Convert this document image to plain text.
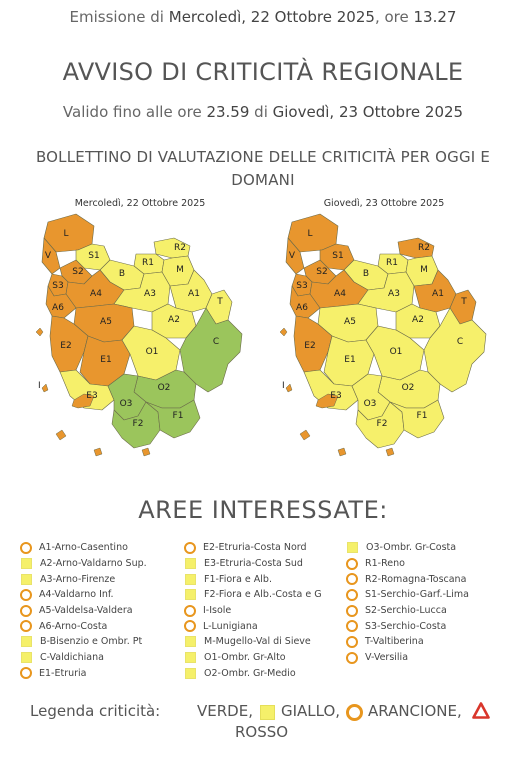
Emissione di Mercoledì, 22 Ottobre 2025, ore 13.27
AVVISO DI CRITICITÀ REGIONALE
Valido fino alle ore 23.59 di Giovedì, 23 Ottobre 2025
BOLLETTINO DI VALUTAZIONE DELLE CRITICITÀ PER OGGI E DOMANI
Mercoledì, 22 Ottobre 2025
L
V	S1
S2
S3
R2
R1
M
B
A4	A3	A1
T
A6
A5	A2
E2
E1
O1
C
E3
O2
O3
F2
F1
I
Giovedì, 23 Ottobre 2025
L
V	S1
S2
S3
R2
R1
M
B
A4	A3	A1
T
A6
A5	A2
E2
E1
O1
C
E3
O2
O3
F2
F1
I
AREE INTERESSATE:
A1-Arno-Casentino
A2-Arno-Valdarno Sup.
A3-Arno-Firenze
A4-Valdarno Inf.
A5-Valdelsa-Valdera
A6-Arno-Costa
B-Bisenzio e Ombr. Pt
C-Valdichiana
E1-Etruria
E2-Etruria-Costa Nord
E3-Etruria-Costa Sud
F1-Fiora e Alb.
F2-Fiora e Alb.-Costa e G
I-Isole
L-Lunigiana
M-Mugello-Val di Sieve
O1-Ombr. Gr-Alto
O2-Ombr. Gr-Medio
O3-Ombr. Gr-Costa
R1-Reno
R2-Romagna-Toscana
S1-Serchio-Garf.-Lima
S2-Serchio-Lucca
S3-Serchio-Costa
T-Valtiberina
V-Versilia
Legenda criticità: VERDE, GIALLO, ARANCIONE,
ROSSO
